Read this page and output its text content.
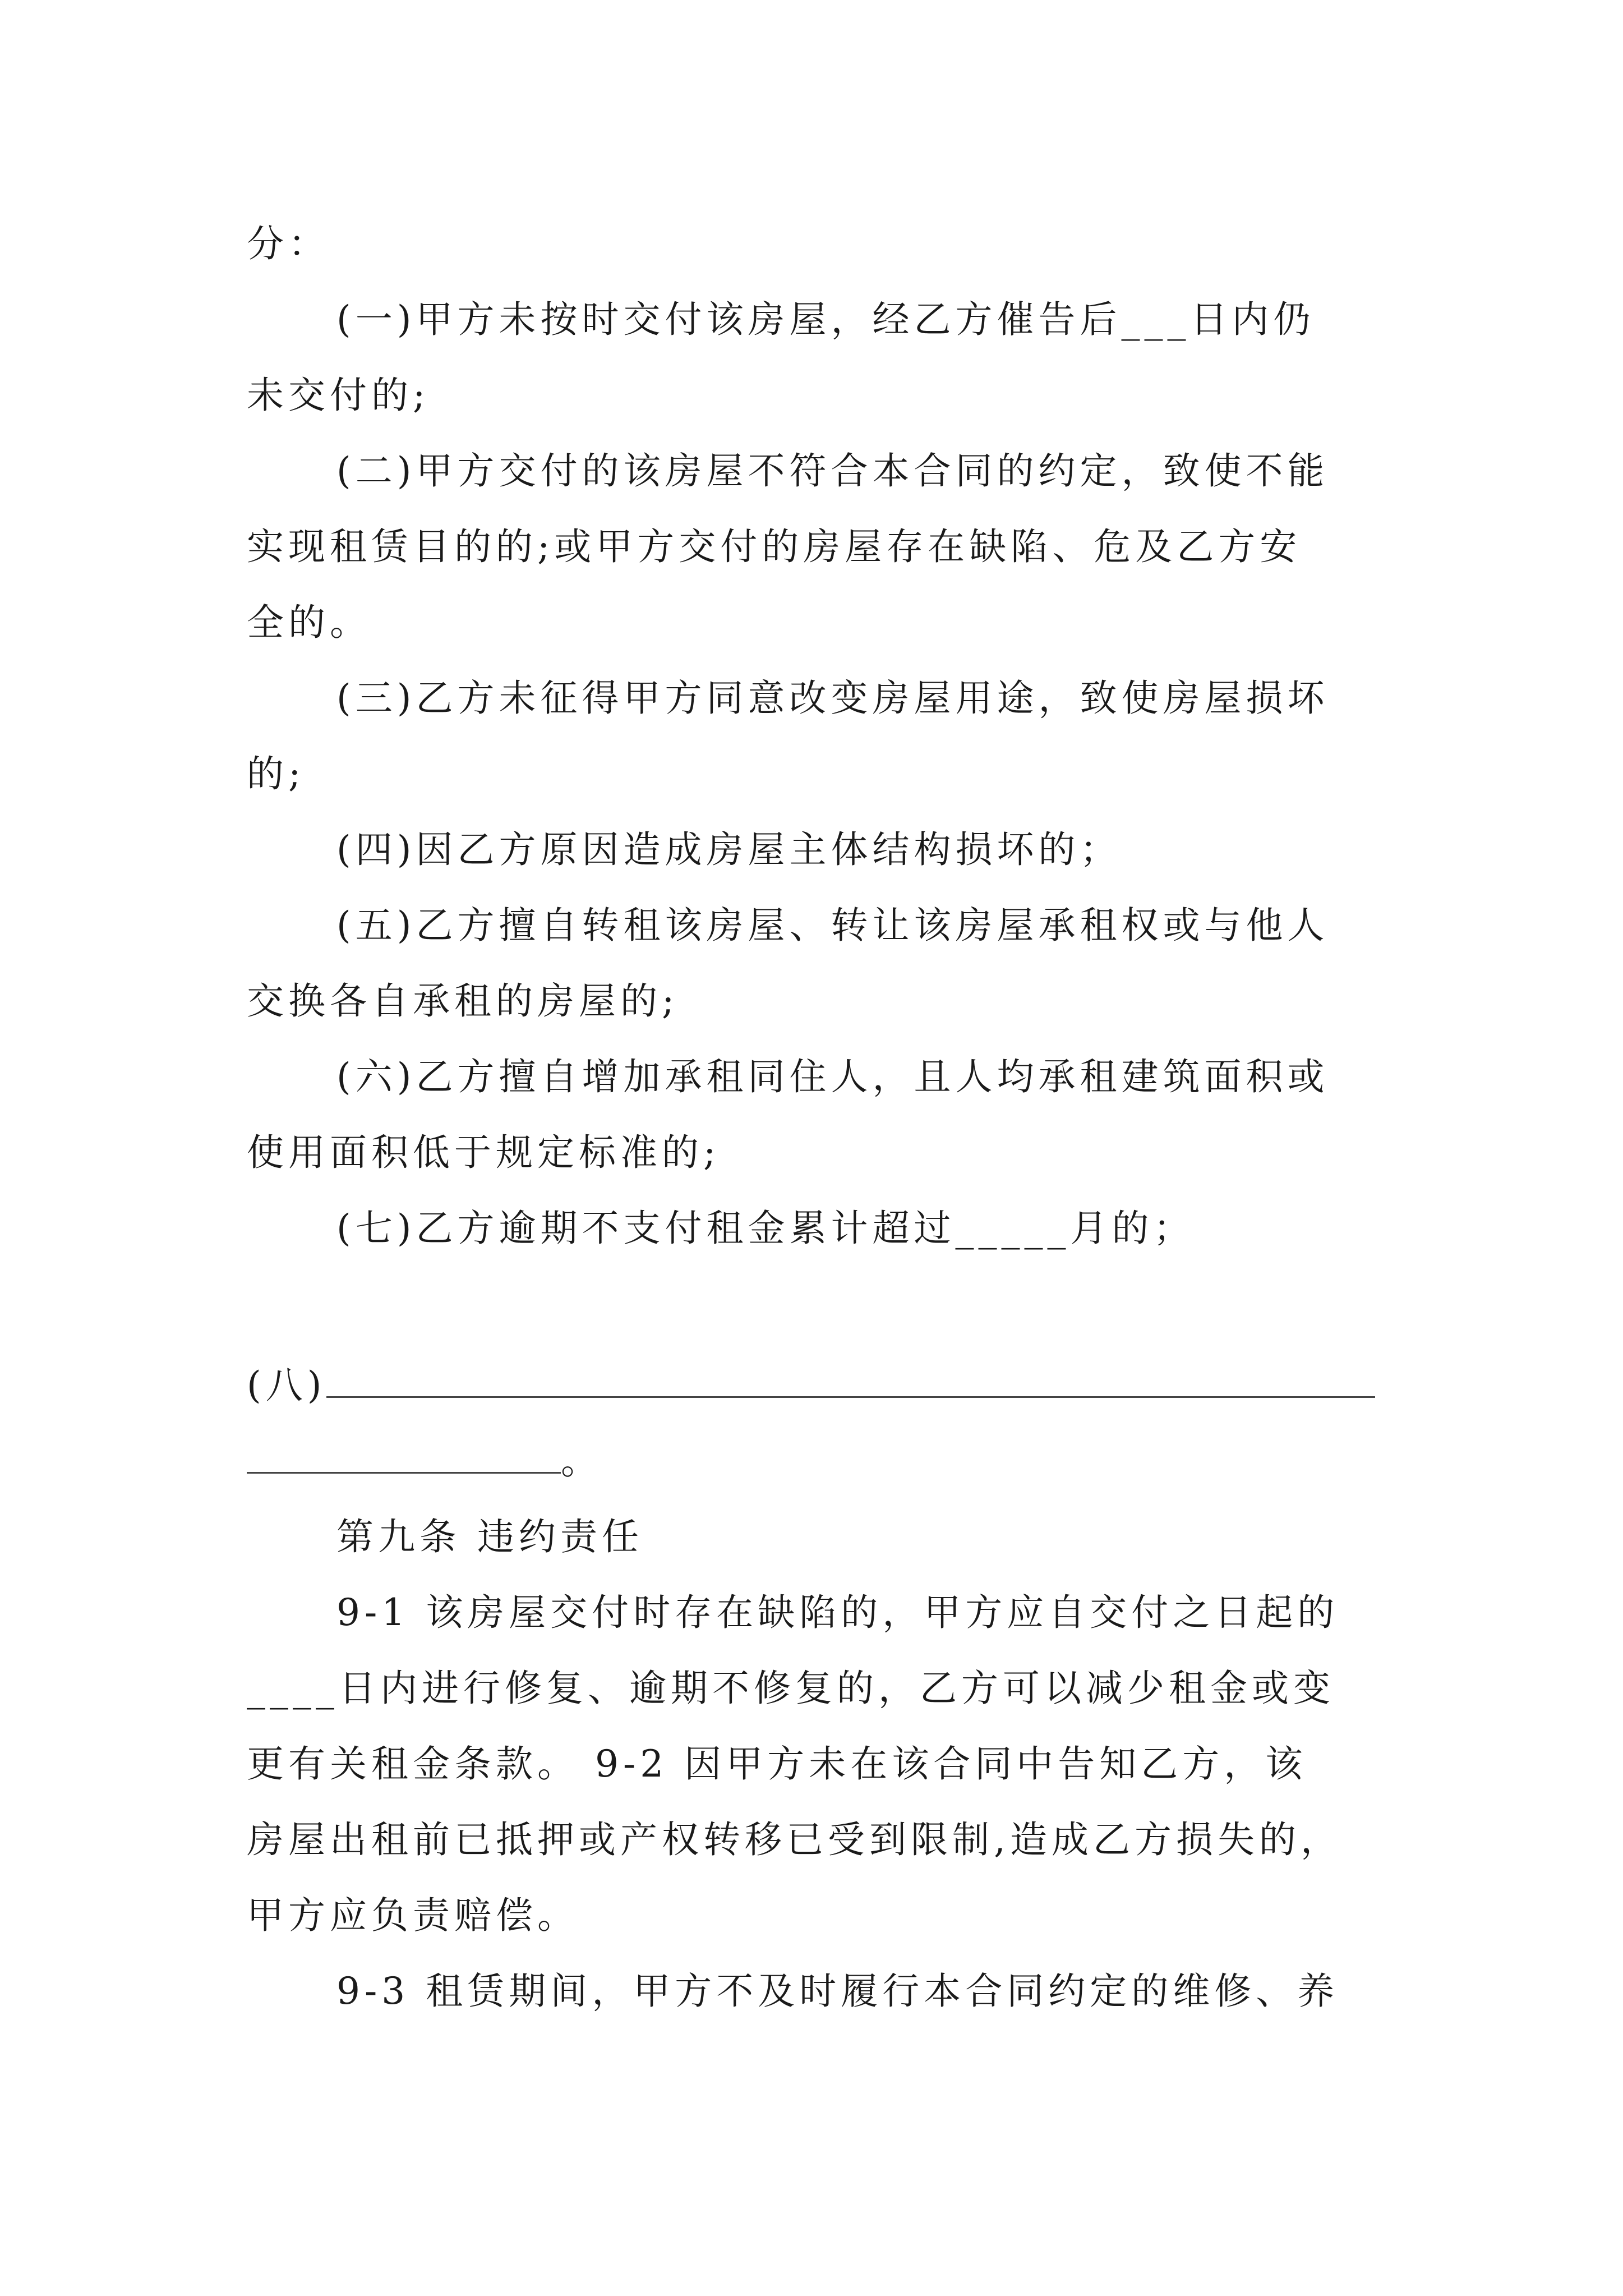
分：
(一)甲方未按时交付该房屋，经乙方催告后___日内仍
未交付的;
(二)甲方交付的该房屋不符合本合同的约定，致使不能
实现租赁目的的;或甲方交付的房屋存在缺陷、危及乙方安
全的。
(三)乙方未征得甲方同意改变房屋用途，致使房屋损坏
的;
(四)因乙方原因造成房屋主体结构损坏的；
(五)乙方擅自转租该房屋、转让该房屋承租权或与他人
交换各自承租的房屋的;
(六)乙方擅自增加承租同住人，且人均承租建筑面积或
使用面积低于规定标准的;
(七)乙方逾期不支付租金累计超过_____月的；
(八)
。
第九条 违约责任
9-1 该房屋交付时存在缺陷的，甲方应自交付之日起的
____日内进行修复、逾期不修复的，乙方可以减少租金或变
更有关租金条款。 9-2 因甲方未在该合同中告知乙方，该
房屋出租前已抵押或产权转移已受到限制,造成乙方损失的，
甲方应负责赔偿。
9-3 租赁期间，甲方不及时履行本合同约定的维修、养
